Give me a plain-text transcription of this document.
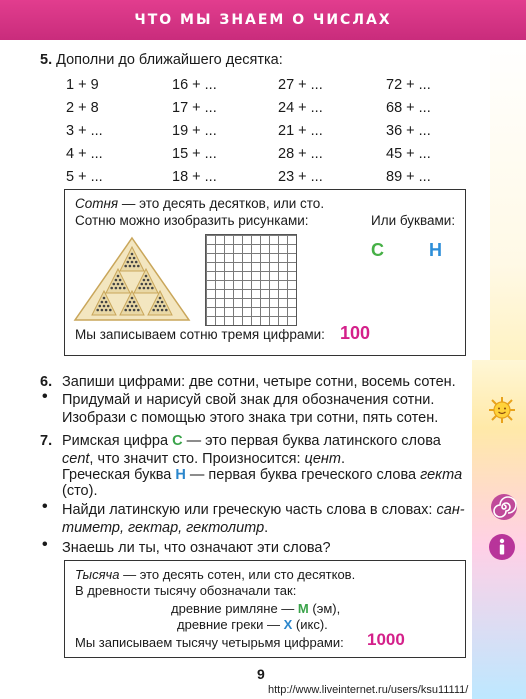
ЧТО МЫ ЗНАЕМ О ЧИСЛАХ
5. Дополни до ближайшего десятка:
1 + 9
2 + 8
3 + ...
4 + ...
5 + ...
16 + ...
17 + ...
19 + ...
15 + ...
18 + ...
27 + ...
24 + ...
21 + ...
28 + ...
23 + ...
72 + ...
68 + ...
36 + ...
45 + ...
89 + ...
Сотня — это десять десятков, или сто.
Сотню можно изобразить рисунками:	Или буквами:
С	Н
Мы записываем сотню тремя цифрами: 100
6. Запиши цифрами: две сотни, четыре сотни, восемь сотен.
• Придумай и нарисуй свой знак для обозначения сотни.
Изобрази с помощью этого знака три сотни, пять сотен.
7. Римская цифра С — это первая буква латинского слова
cent, что значит сто. Произносится: цент.
Греческая буква Н — первая буква греческого слова гекта
(сто).
• Найди латинскую или греческую часть слова в словах: сан-
тиметр, гектар, гектолитр.
• Знаешь ли ты, что означают эти слова?
Тысяча — это десять сотен, или сто десятков.
В древности тысячу обозначали так:
древние римляне — М (эм),
древние греки — Х (икс).
Мы записываем тысячу четырьмя цифрами: 1000
9
http://www.liveinternet.ru/users/ksu11111/
